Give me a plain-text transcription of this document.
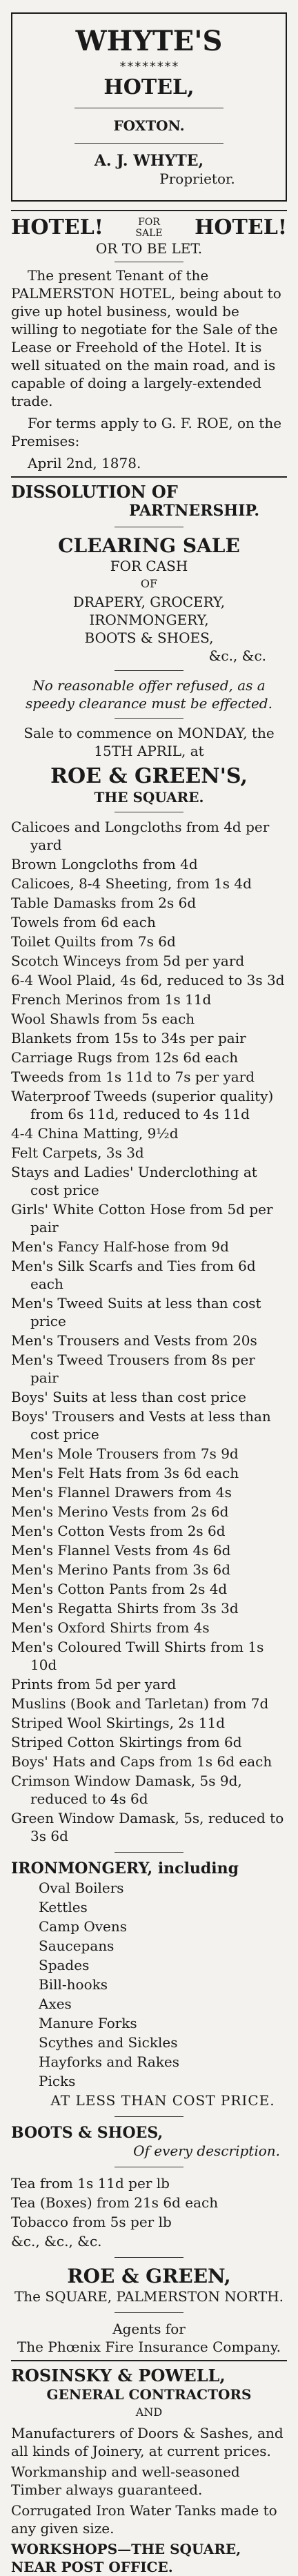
WHYTE'S
********
HOTEL,
FOXTON.
A. J. WHYTE,
Proprietor.
HOTEL!	FOR SALE	HOTEL!
OR TO BE LET.

The present Tenant of the PALMERSTON HOTEL, being about to give up hotel business, would be willing to negotiate for the Sale of the Lease or Freehold of the Hotel. It is well situated on the main road, and is capable of doing a largely-extended trade.

For terms apply to G. F. ROE, on the Premises:

April 2nd, 1878.

DISSOLUTION OF
PARTNERSHIP.
CLEARING SALE
FOR CASH
OF
DRAPERY, GROCERY,
IRONMONGERY,
BOOTS & SHOES,
&c., &c.
No reasonable offer refused, as a speedy clearance must be effected.
Sale to commence on MONDAY, the 15TH APRIL, at
ROE & GREEN'S,
THE SQUARE.
Calicoes and Longcloths from 4d per yard
Brown Longcloths from 4d
Calicoes, 8-4 Sheeting, from 1s 4d
Table Damasks from 2s 6d
Towels from 6d each
Toilet Quilts from 7s 6d
Scotch Winceys from 5d per yard
6-4 Wool Plaid, 4s 6d, reduced to 3s 3d
French Merinos from 1s 11d
Wool Shawls from 5s each
Blankets from 15s to 34s per pair
Carriage Rugs from 12s 6d each
Tweeds from 1s 11d to 7s per yard
Waterproof Tweeds (superior quality) from 6s 11d, reduced to 4s 11d
4-4 China Matting, 9½d
Felt Carpets, 3s 3d
Stays and Ladies' Underclothing at cost price
Girls' White Cotton Hose from 5d per pair
Men's Fancy Half-hose from 9d
Men's Silk Scarfs and Ties from 6d each
Men's Tweed Suits at less than cost price
Men's Trousers and Vests from 20s
Men's Tweed Trousers from 8s per pair
Boys' Suits at less than cost price
Boys' Trousers and Vests at less than cost price
Men's Mole Trousers from 7s 9d
Men's Felt Hats from 3s 6d each
Men's Flannel Drawers from 4s
Men's Merino Vests from 2s 6d
Men's Cotton Vests from 2s 6d
Men's Flannel Vests from 4s 6d
Men's Merino Pants from 3s 6d
Men's Cotton Pants from 2s 4d
Men's Regatta Shirts from 3s 3d
Men's Oxford Shirts from 4s
Men's Coloured Twill Shirts from 1s 10d
Prints from 5d per yard
Muslins (Book and Tarletan) from 7d
Striped Wool Skirtings, 2s 11d
Striped Cotton Skirtings from 6d
Boys' Hats and Caps from 1s 6d each
Crimson Window Damask, 5s 9d, reduced to 4s 6d
Green Window Damask, 5s, reduced to 3s 6d
IRONMONGERY, including
Oval Boilers
Kettles
Camp Ovens
Saucepans
Spades
Bill-hooks
Axes
Manure Forks
Scythes and Sickles
Hayforks and Rakes
Picks
AT LESS THAN COST PRICE.
BOOTS & SHOES,
Of every description.
Tea from 1s 11d per lb
Tea (Boxes) from 21s 6d each
Tobacco from 5s per lb
&c., &c., &c.
ROE & GREEN,
The SQUARE, PALMERSTON NORTH.
Agents for
The Phœnix Fire Insurance Company.
ROSINSKY & POWELL,
GENERAL CONTRACTORS
AND

Manufacturers of Doors & Sashes, and all kinds of Joinery, at current prices.

Workmanship and well-seasoned Timber always guaranteed.

Corrugated Iron Water Tanks made to any given size.

WORKSHOPS—THE SQUARE, NEAR POST OFFICE.
